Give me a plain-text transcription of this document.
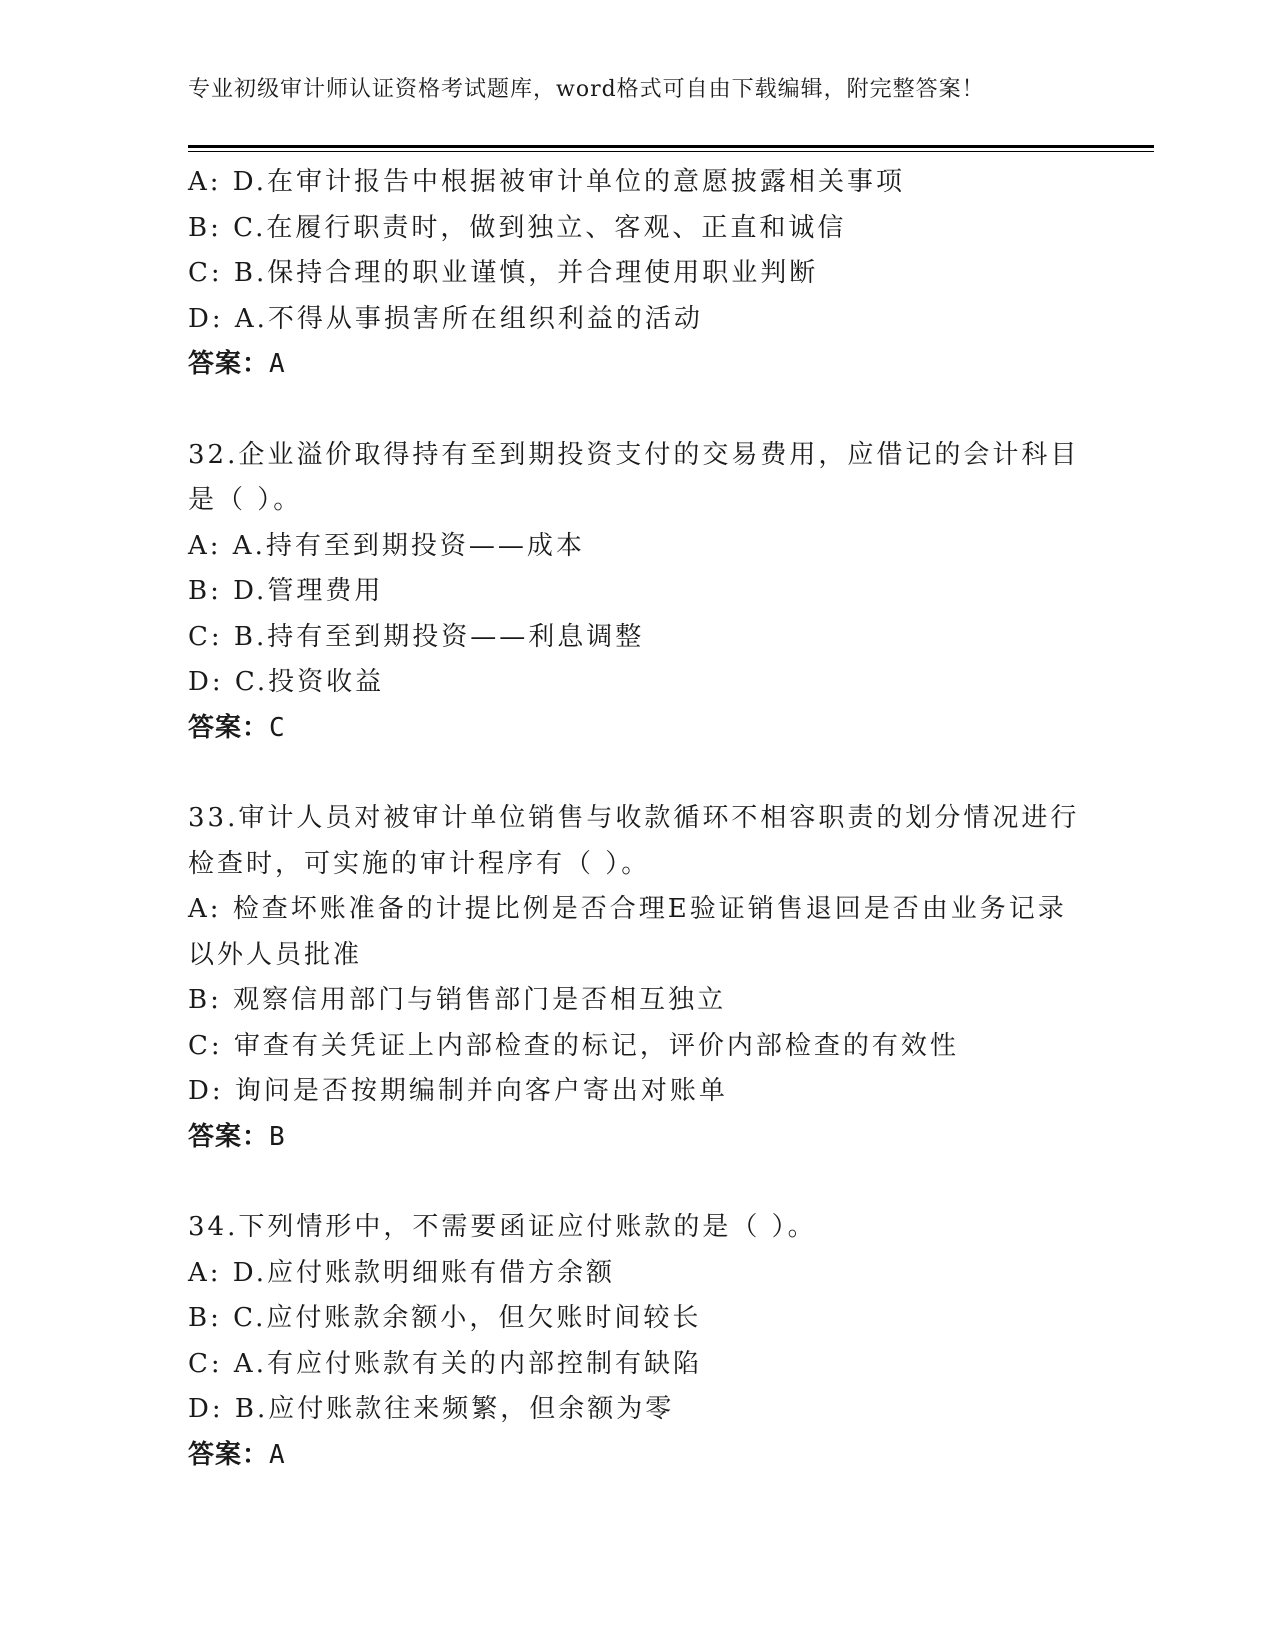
专业初级审计师认证资格考试题库，word格式可自由下载编辑，附完整答案！
A: D.在审计报告中根据被审计单位的意愿披露相关事项
B: C.在履行职责时，做到独立、客观、正直和诚信
C: B.保持合理的职业谨慎，并合理使用职业判断
D: A.不得从事损害所在组织利益的活动
答案：A
32.企业溢价取得持有至到期投资支付的交易费用，应借记的会计科目
是（ ）。
A: A.持有至到期投资——成本
B: D.管理费用
C: B.持有至到期投资——利息调整
D: C.投资收益
答案：C
33.审计人员对被审计单位销售与收款循环不相容职责的划分情况进行
检查时，可实施的审计程序有（ ）。
A: 检查坏账准备的计提比例是否合理E验证销售退回是否由业务记录
以外人员批准
B: 观察信用部门与销售部门是否相互独立
C: 审查有关凭证上内部检查的标记，评价内部检查的有效性
D: 询问是否按期编制并向客户寄出对账单
答案：B
34.下列情形中，不需要函证应付账款的是（ ）。
A: D.应付账款明细账有借方余额
B: C.应付账款余额小，但欠账时间较长
C: A.有应付账款有关的内部控制有缺陷
D: B.应付账款往来频繁，但余额为零
答案：A
